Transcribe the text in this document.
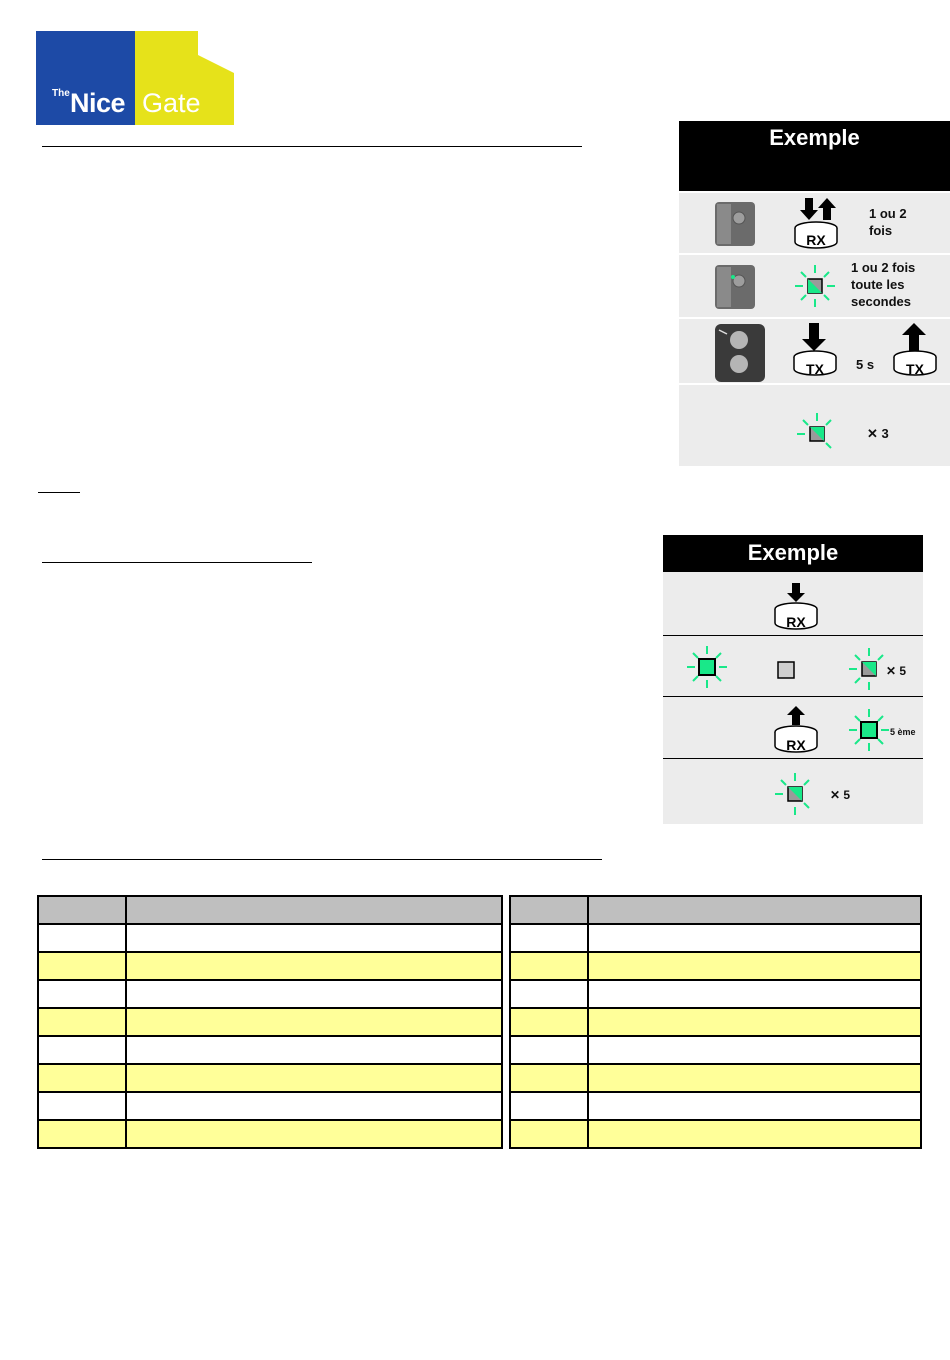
The Nice Gate
Exemple
RX
1 ou 2 fois
1 ou 2 fois toute les secondes
TX 5 s TX
✕ 3
Exemple
RX
✕ 5
RX
5 ème
✕ 5
